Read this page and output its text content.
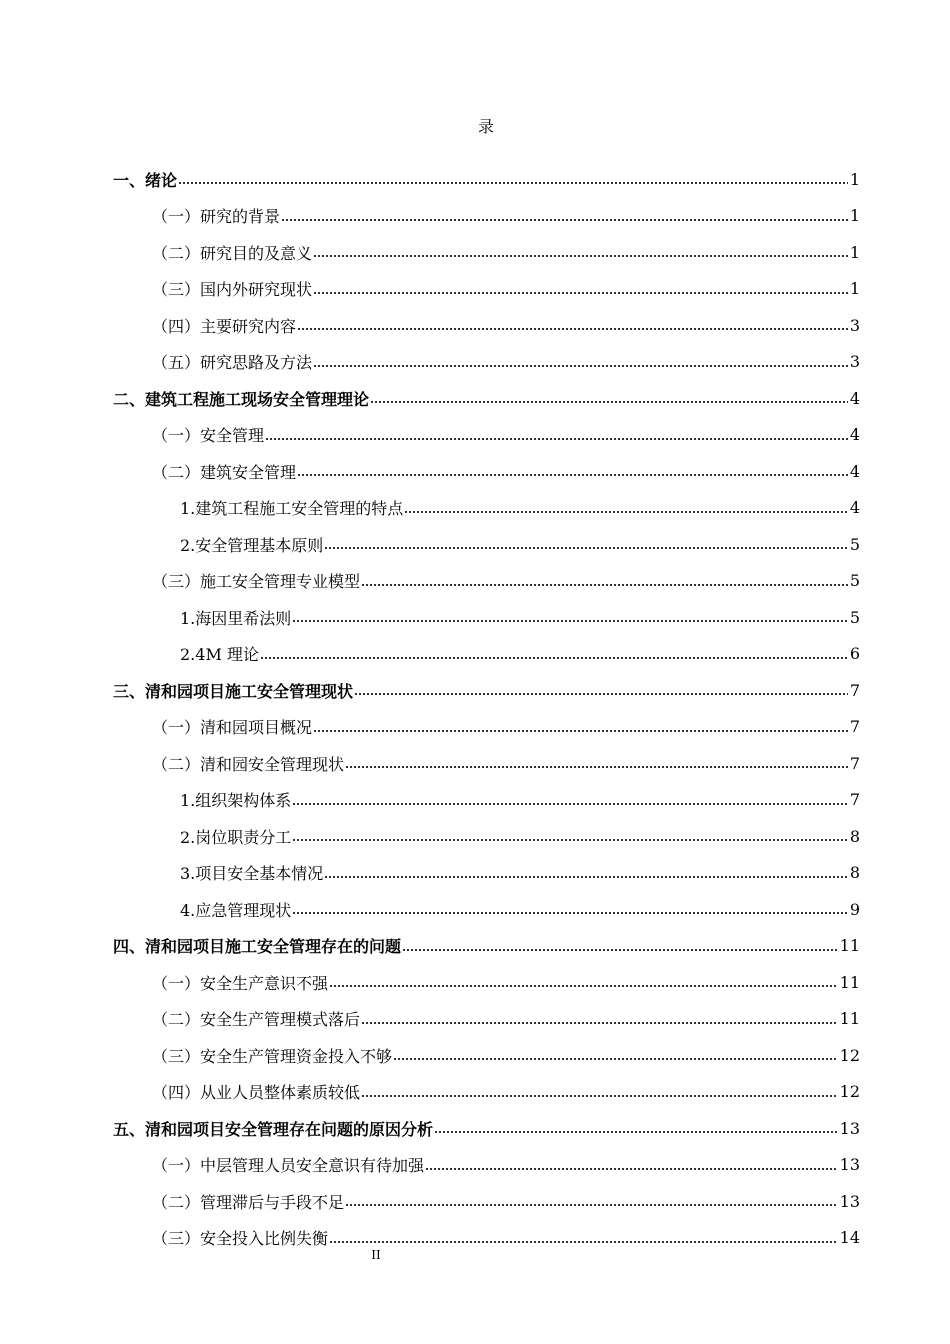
录
一、绪论	1
（一）研究的背景	1
（二）研究目的及意义	1
（三）国内外研究现状	1
（四）主要研究内容	3
（五）研究思路及方法	3
二、建筑工程施工现场安全管理理论	4
（一）安全管理	4
（二）建筑安全管理	4
1.建筑工程施工安全管理的特点	4
2.安全管理基本原则	5
（三）施工安全管理专业模型	5
1.海因里希法则	5
2.4M 理论	6
三、清和园项目施工安全管理现状	7
（一）清和园项目概况	7
（二）清和园安全管理现状	7
1.组织架构体系	7
2.岗位职责分工	8
3.项目安全基本情况	8
4.应急管理现状	9
四、清和园项目施工安全管理存在的问题	11
（一）安全生产意识不强	11
（二）安全生产管理模式落后	11
（三）安全生产管理资金投入不够	12
（四）从业人员整体素质较低	12
五、清和园项目安全管理存在问题的原因分析	13
（一）中层管理人员安全意识有待加强	13
（二）管理滞后与手段不足	13
（三）安全投入比例失衡	14
II
